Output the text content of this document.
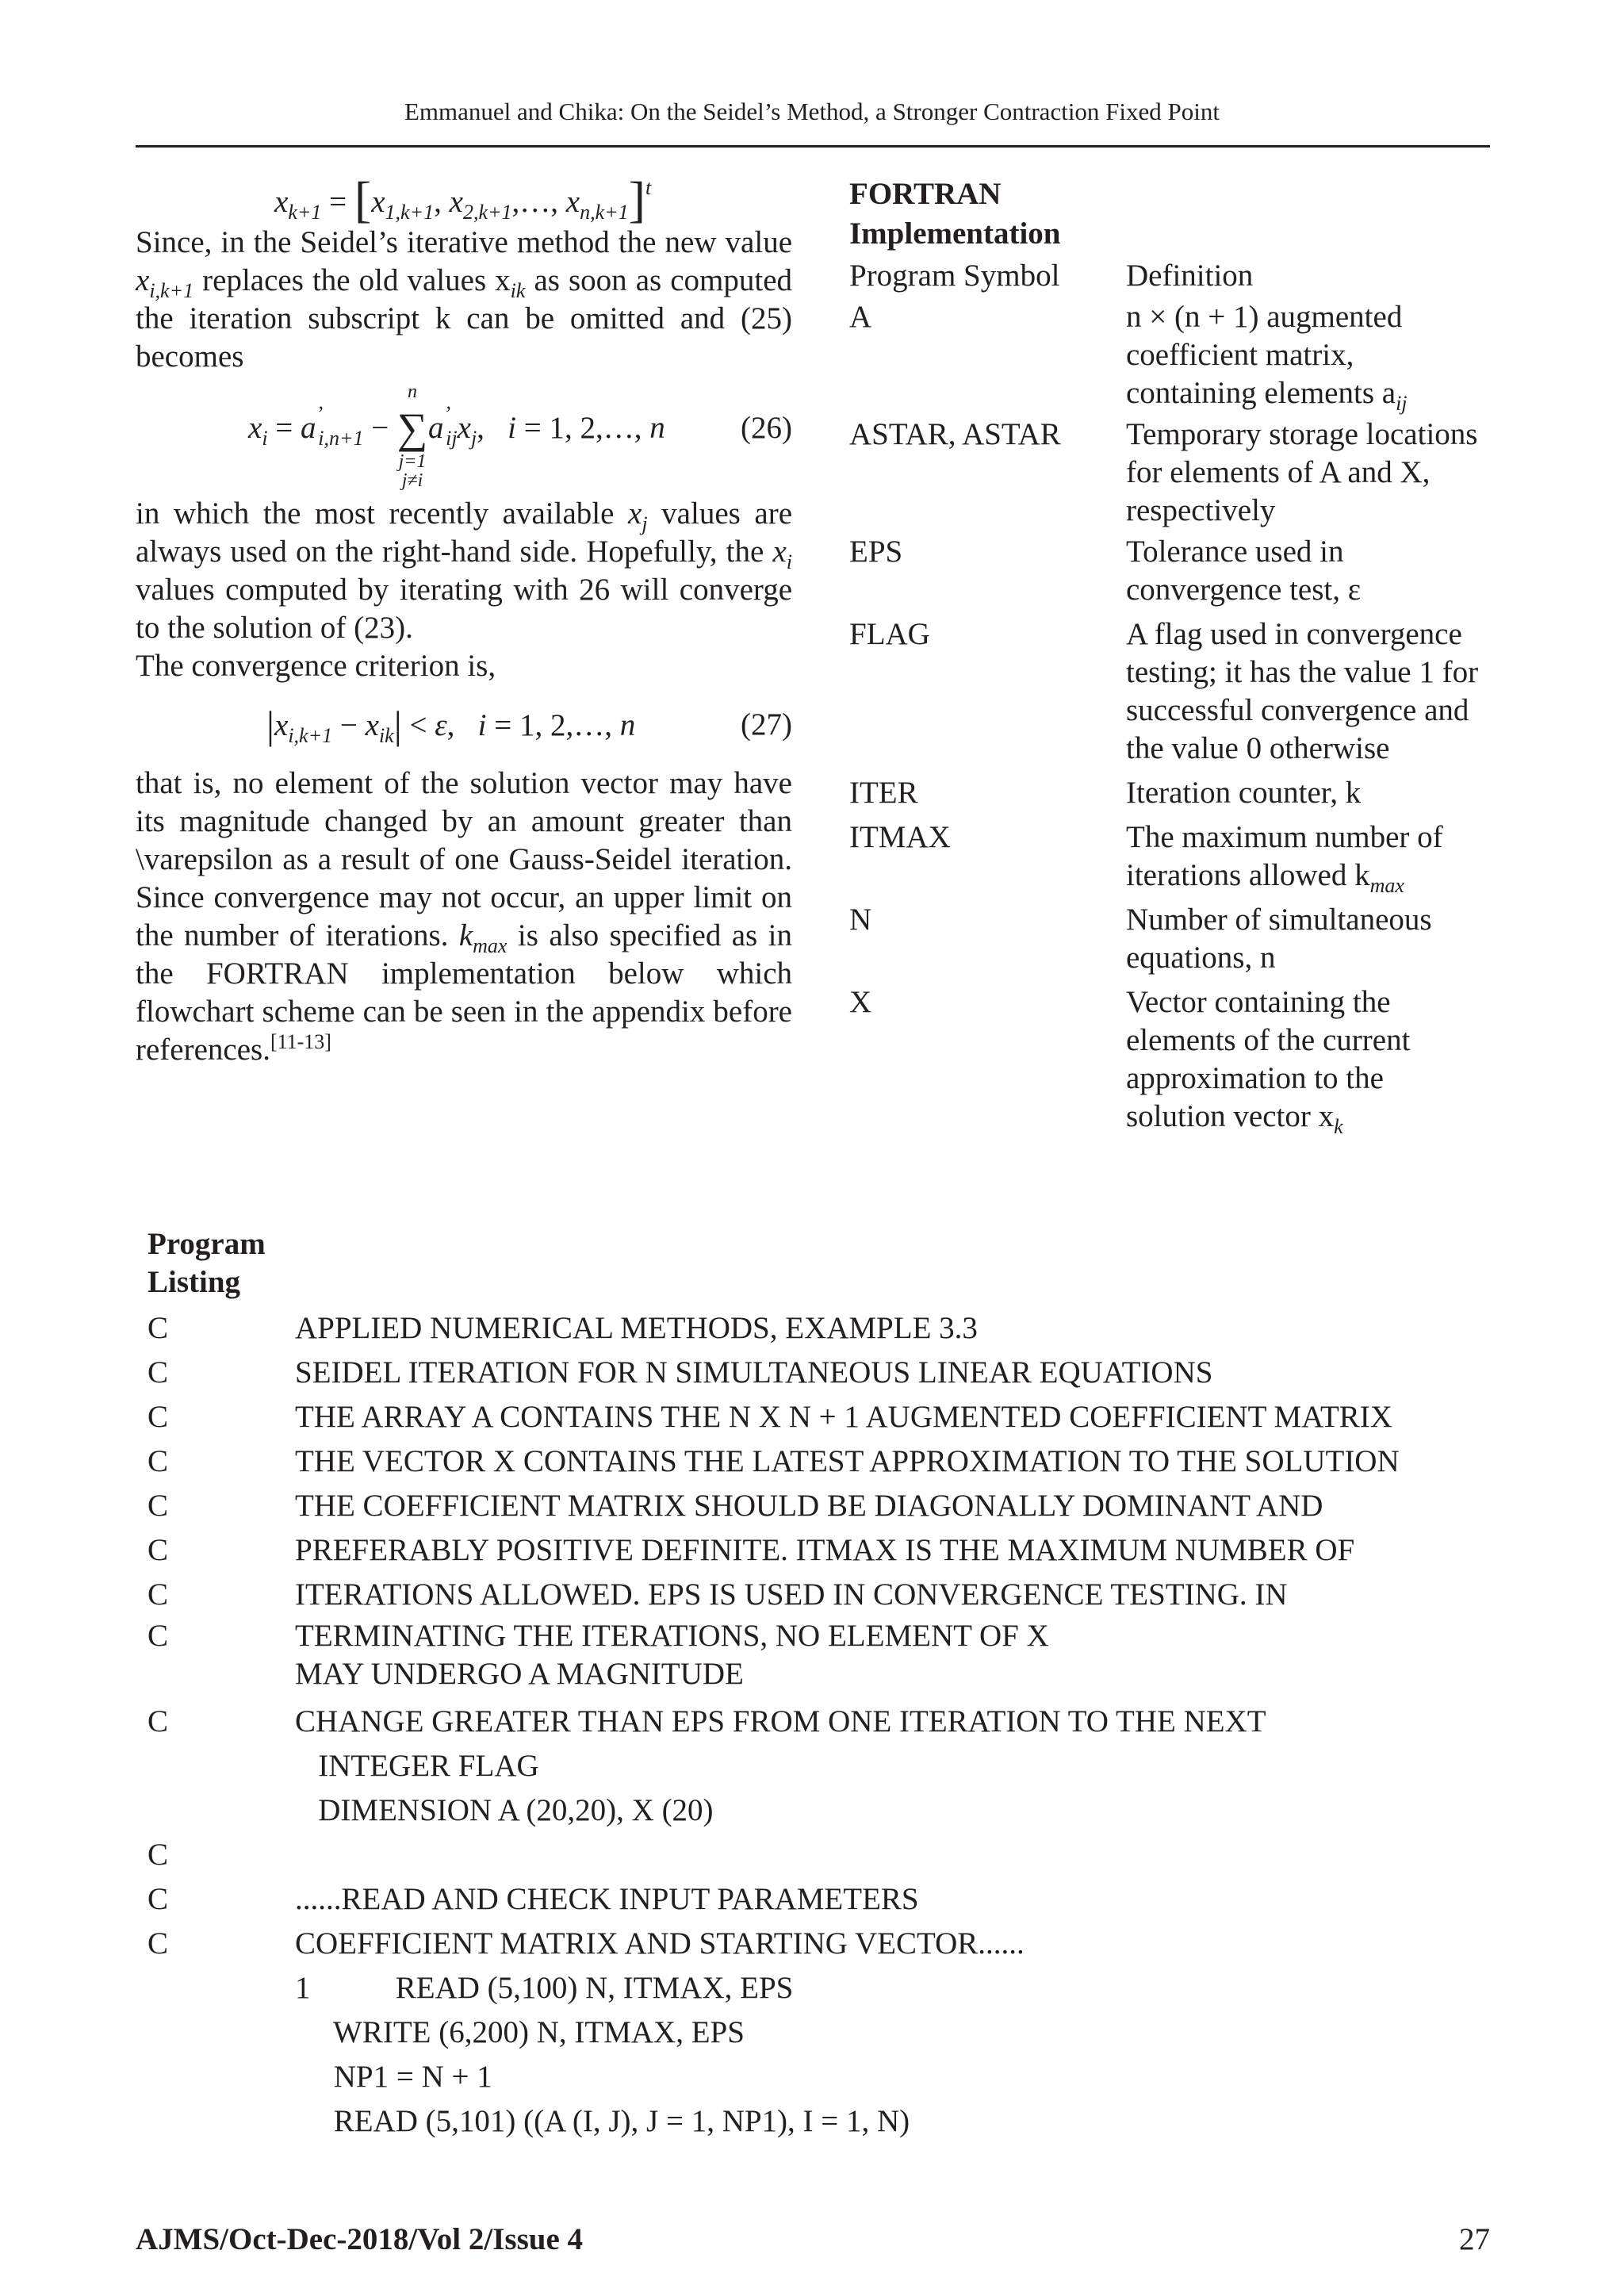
Emmanuel and Chika: On the Seidel’s Method, a Stronger Contraction Fixed Point
$x_{k+1} = [x_{1,k+1}$, $x_{2,k+1},\dots$, $x_{n,k+1}]^t$

Since, in the Seidel’s iterative method the new value $x_{i,k+1}$ replaces the old values $x_{ik}$ as soon as computed the iteration subscript k can be omitted and (25) becomes

$x_i = a^’_{i,n+1}$ −
n
∑
j=1
j≠i
$a^’_{ij}x_j$,   i = 1, 2,…, n (26)

in which the most recently available $x_j$ values are always used on the right-hand side. Hopefully, the $x_i$ values computed by iterating with 26 will converge to the solution of (23).

The convergence criterion is,

$|x_{i,k+1} - x_{ik}| < \varepsilon$,   i = 1, 2,…, n	(27)

that is, no element of the solution vector may have its magnitude changed by an amount greater than \varepsilon as a result of one Gauss-Seidel iteration. Since convergence may not occur, an upper limit on the number of iterations. $k_{max}$ is also specified as in the FORTRAN implementation below which flowchart scheme can be seen in the appendix before references.[11-13]

FORTRAN
Implementation
Program Symbol	Definition
A	n × (n + 1) augmented coefficient matrix, containing elements $a_{ij}$
ASTAR, ASTAR	Temporary storage locations for elements of A and X, respectively
EPS	Tolerance used in convergence test, ε
FLAG	A flag used in convergence testing; it has the value 1 for successful convergence and the value 0 otherwise
ITER	Iteration counter, k
ITMAX	The maximum number of iterations allowed $k_{max}$
N	Number of simultaneous equations, n
X	Vector containing the elements of the current approximation to the solution vector $x_k$
Program
Listing
C	APPLIED NUMERICAL METHODS, EXAMPLE 3.3
C	SEIDEL ITERATION FOR N SIMULTANEOUS LINEAR EQUATIONS
C	THE ARRAY A CONTAINS THE N X N + 1 AUGMENTED COEFFICIENT MATRIX
C	THE VECTOR X CONTAINS THE LATEST APPROXIMATION TO THE SOLUTION
C	THE COEFFICIENT MATRIX SHOULD BE DIAGONALLY DOMINANT AND
C	PREFERABLY POSITIVE DEFINITE. ITMAX IS THE MAXIMUM NUMBER OF
C	ITERATIONS ALLOWED. EPS IS USED IN CONVERGENCE TESTING. IN
C	TERMINATING THE ITERATIONS, NO ELEMENT OF X
MAY UNDERGO A MAGNITUDE
C	CHANGE GREATER THAN EPS FROM ONE ITERATION TO THE NEXT
INTEGER FLAG
DIMENSION A (20,20), X (20)
C
C	......READ AND CHECK INPUT PARAMETERS
C	COEFFICIENT MATRIX AND STARTING VECTOR......
1           READ (5,100) N, ITMAX, EPS
WRITE (6,200) N, ITMAX, EPS
NP1 = N + 1
READ (5,101) ((A (I, J), J = 1, NP1), I = 1, N)
AJMS/Oct-Dec-2018/Vol 2/Issue 4	27
